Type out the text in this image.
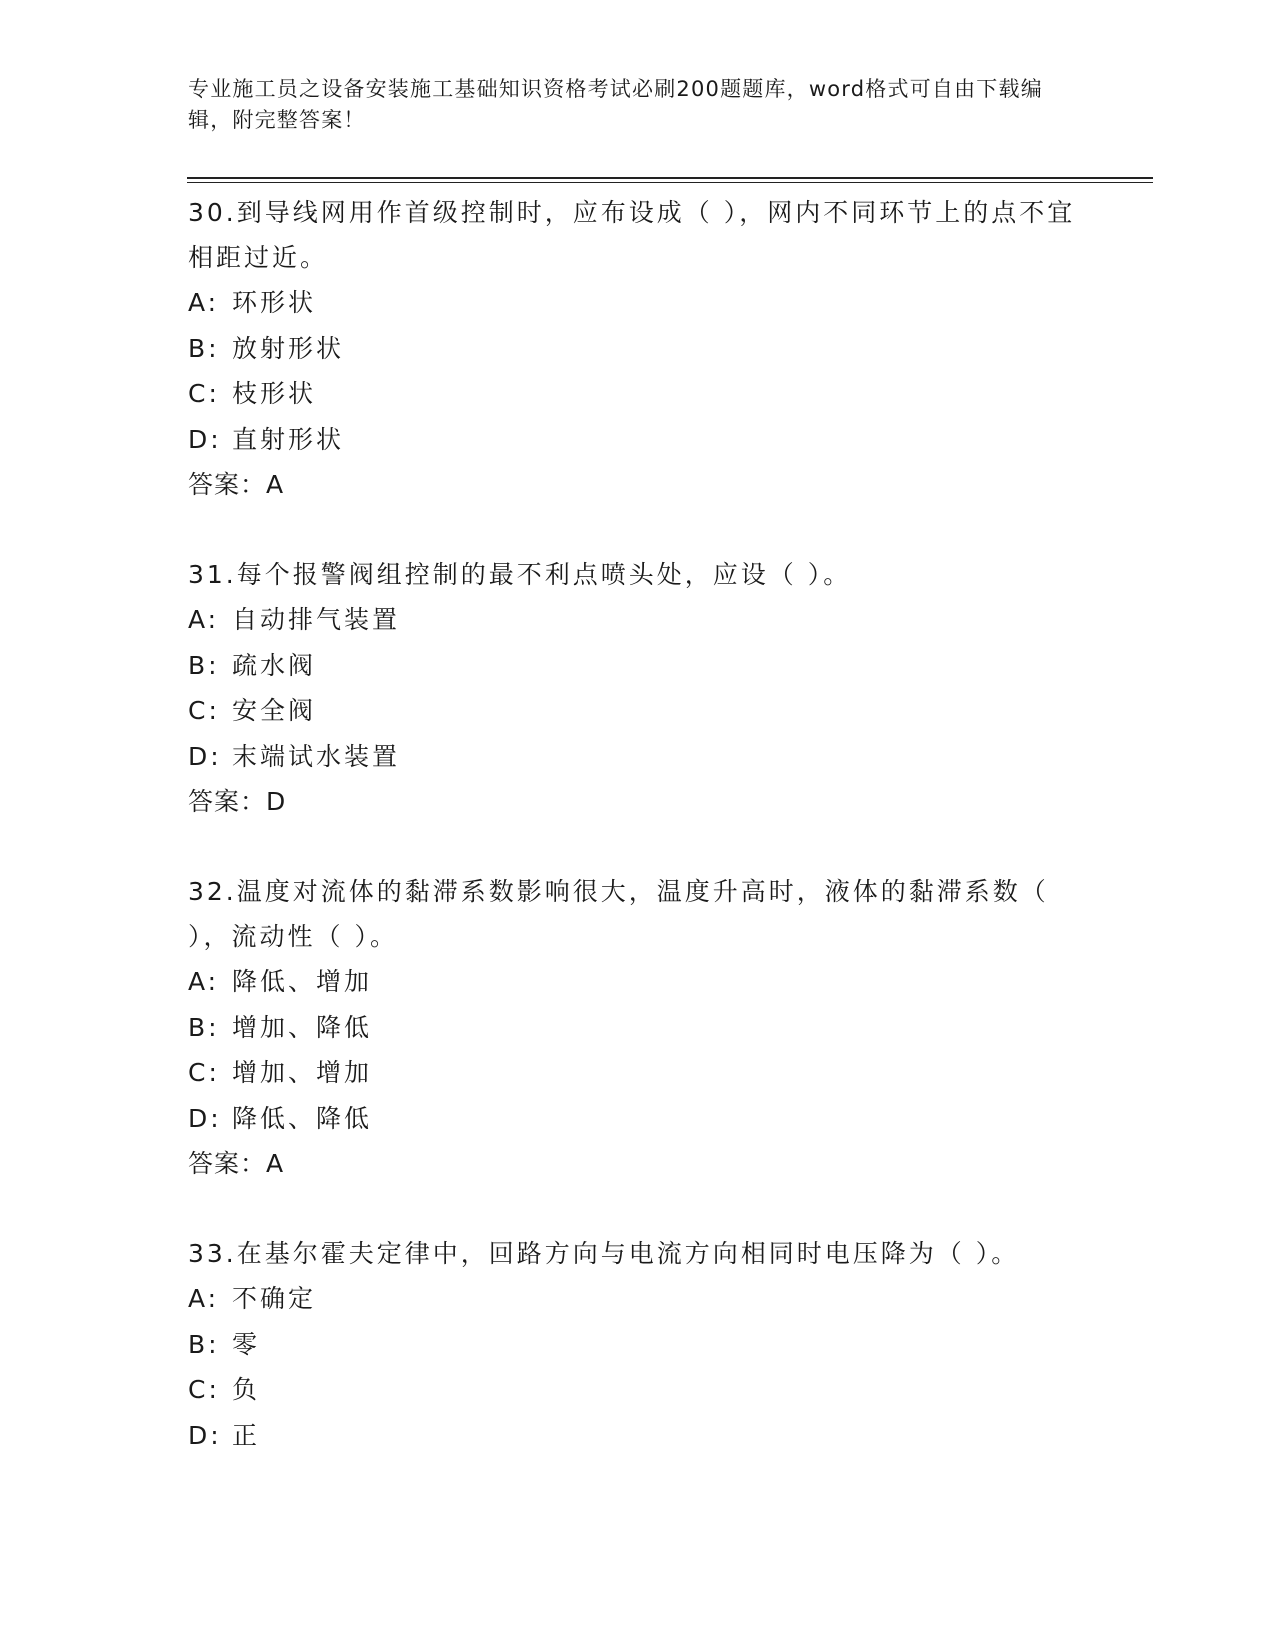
专业施工员之设备安装施工基础知识资格考试必刷200题题库，word格式可自由下载编辑，附完整答案！

30.到导线网用作首级控制时，应布设成（ ），网内不同环节上的点不宜相距过近。

A: 环形状

B: 放射形状

C: 枝形状

D: 直射形状

答案：A

31.每个报警阀组控制的最不利点喷头处，应设（ ）。

A: 自动排气装置

B: 疏水阀

C: 安全阀

D: 末端试水装置

答案：D

32.温度对流体的黏滞系数影响很大，温度升高时，液体的黏滞系数（ ），流动性（ ）。

A: 降低、增加

B: 增加、降低

C: 增加、增加

D: 降低、降低

答案：A

33.在基尔霍夫定律中，回路方向与电流方向相同时电压降为（ ）。

A: 不确定

B: 零

C: 负

D: 正
